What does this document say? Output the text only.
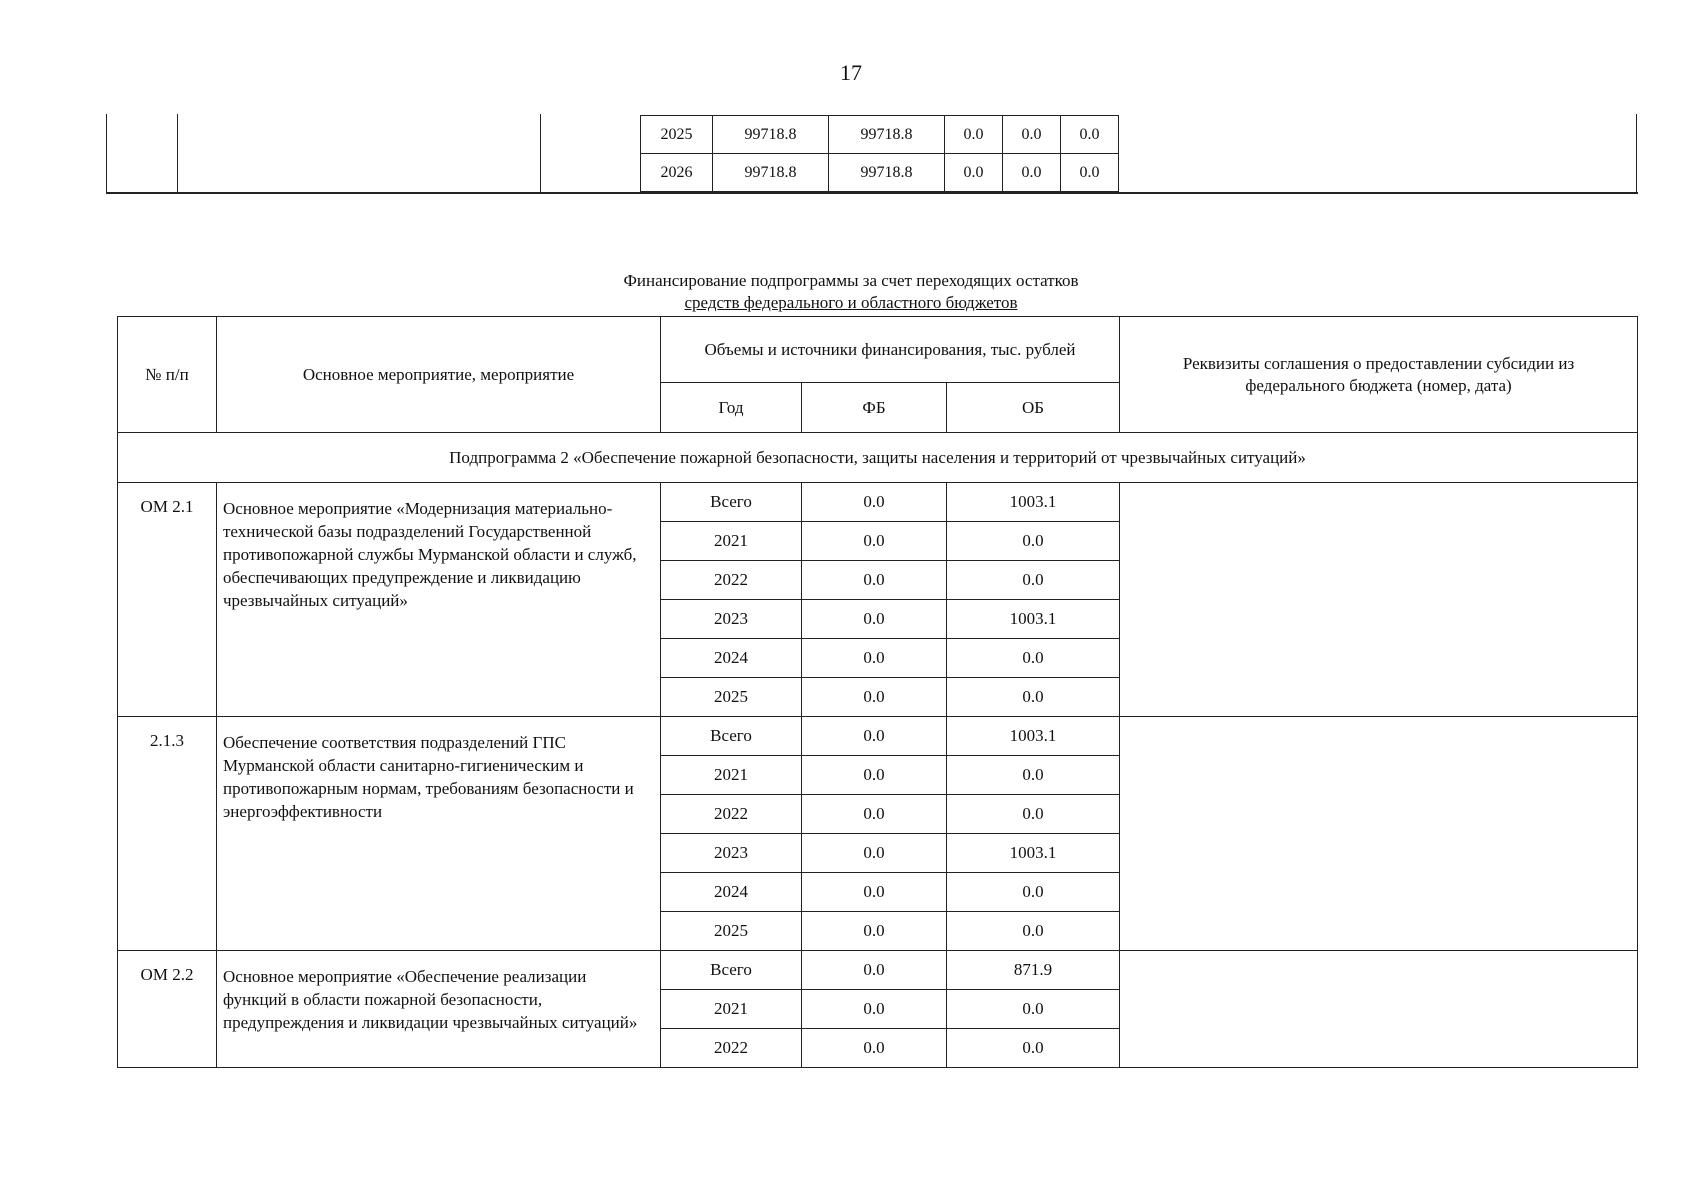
17
2025	99718.8	99718.8	0.0	0.0	0.0
2026	99718.8	99718.8	0.0	0.0	0.0
Финансирование подпрограммы за счет переходящих остатков
средств федерального и областного бюджетов
№ п/п	Основное мероприятие, мероприятие	Объемы и источники финансирования, тыс. рублей			Реквизиты соглашения о предоставлении субсидии из федерального бюджета (номер, дата)
		Год	ФБ	ОБ	
Подпрограмма 2 «Обеспечение пожарной безопасности, защиты населения и территорий от чрезвычайных ситуаций»					
ОМ 2.1	Основное мероприятие «Модернизация материально-технической базы подразделений Государственной противопожарной службы Мурманской области и служб, обеспечивающих предупреждение и ликвидацию чрезвычайных ситуаций»	Всего	0.0	1003.1	
		2021	0.0	0.0	
		2022	0.0	0.0	
		2023	0.0	1003.1	
		2024	0.0	0.0	
		2025	0.0	0.0	
2.1.3	Обеспечение соответствия подразделений ГПС Мурманской области санитарно-гигиеническим и противопожарным нормам, требованиям безопасности и энергоэффективности	Всего	0.0	1003.1	
		2021	0.0	0.0	
		2022	0.0	0.0	
		2023	0.0	1003.1	
		2024	0.0	0.0	
		2025	0.0	0.0	
ОМ 2.2	Основное мероприятие «Обеспечение реализации функций в области пожарной безопасности, предупреждения и ликвидации чрезвычайных ситуаций»	Всего	0.0	871.9	
		2021	0.0	0.0	
		2022	0.0	0.0	
